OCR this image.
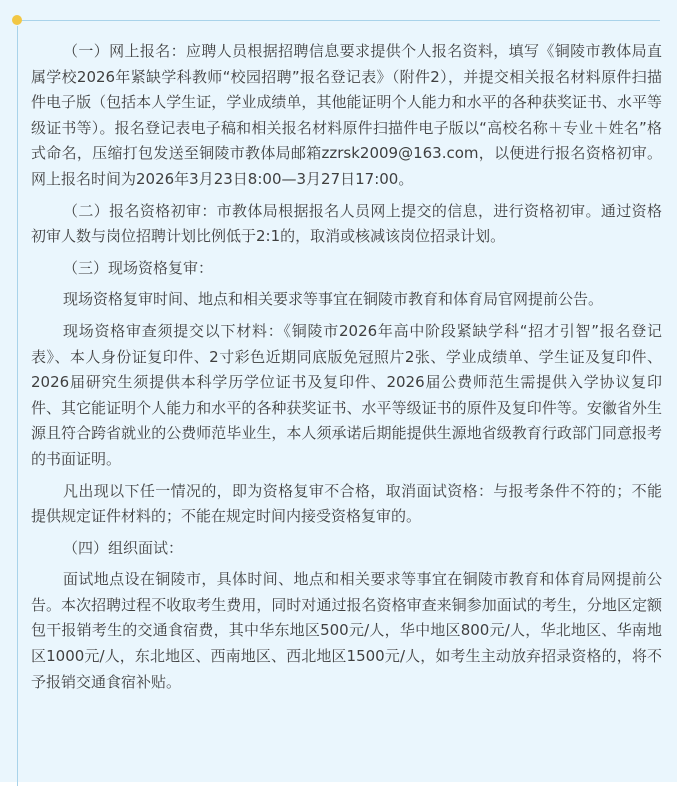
（一）网上报名：应聘人员根据招聘信息要求提供个人报名资料，填写《铜陵市教体局直属学校2026年紧缺学科教师“校园招聘”报名登记表》（附件2），并提交相关报名材料原件扫描件电子版（包括本人学生证，学业成绩单，其他能证明个人能力和水平的各种获奖证书、水平等级证书等）。报名登记表电子稿和相关报名材料原件扫描件电子版以“高校名称＋专业＋姓名”格式命名，压缩打包发送至铜陵市教体局邮箱zzrsk2009@163.com，以便进行报名资格初审。网上报名时间为2026年3月23日8:00—3月27日17:00。

（二）报名资格初审：市教体局根据报名人员网上提交的信息，进行资格初审。通过资格初审人数与岗位招聘计划比例低于2:1的，取消或核减该岗位招录计划。

（三）现场资格复审：

现场资格复审时间、地点和相关要求等事宜在铜陵市教育和体育局官网提前公告。

现场资格审查须提交以下材料：《铜陵市2026年高中阶段紧缺学科“招才引智”报名登记表》、本人身份证复印件、2寸彩色近期同底版免冠照片2张、学业成绩单、学生证及复印件、2026届研究生须提供本科学历学位证书及复印件、2026届公费师范生需提供入学协议复印件、其它能证明个人能力和水平的各种获奖证书、水平等级证书的原件及复印件等。安徽省外生源且符合跨省就业的公费师范毕业生，本人须承诺后期能提供生源地省级教育行政部门同意报考的书面证明。

凡出现以下任一情况的，即为资格复审不合格，取消面试资格：与报考条件不符的；不能提供规定证件材料的；不能在规定时间内接受资格复审的。

（四）组织面试：

面试地点设在铜陵市，具体时间、地点和相关要求等事宜在铜陵市教育和体育局网提前公告。本次招聘过程不收取考生费用，同时对通过报名资格审查来铜参加面试的考生，分地区定额包干报销考生的交通食宿费，其中华东地区500元/人，华中地区800元/人，华北地区、华南地区1000元/人，东北地区、西南地区、西北地区1500元/人，如考生主动放弃招录资格的，将不予报销交通食宿补贴。
